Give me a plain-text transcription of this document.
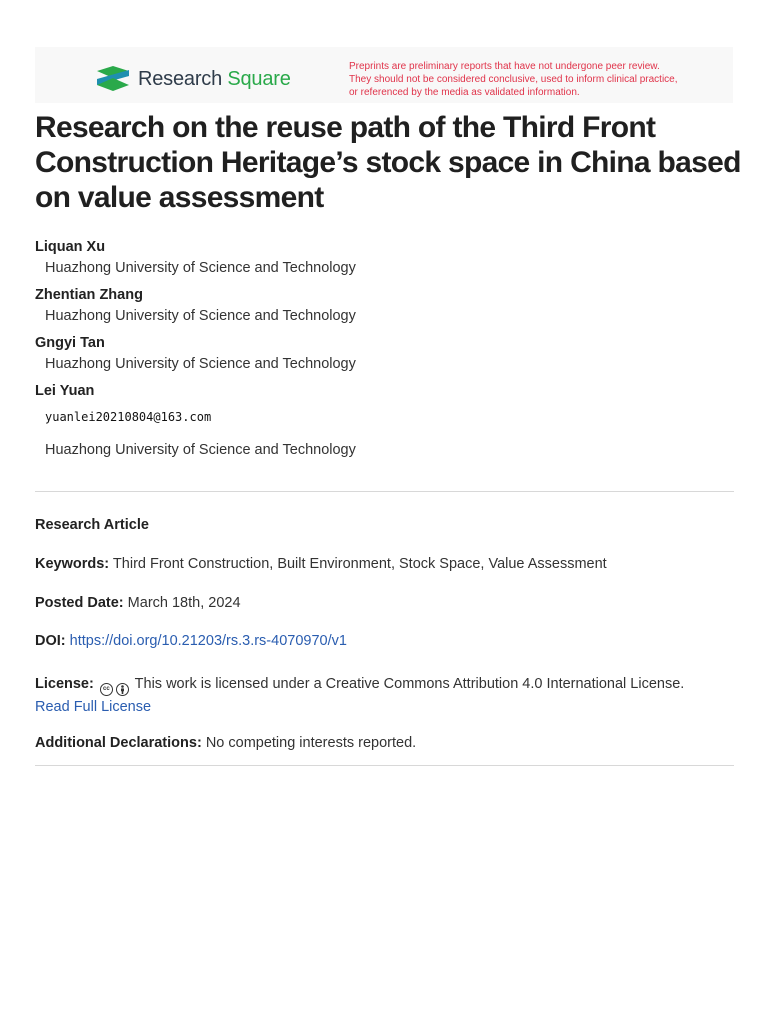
Research Square
Preprints are preliminary reports that have not undergone peer review.
They should not be considered conclusive, used to inform clinical practice,
or referenced by the media as validated information.
Research on the reuse path of the Third Front Construction Heritage’s stock space in China based on value assessment
Liquan Xu
Huazhong University of Science and Technology
Zhentian Zhang
Huazhong University of Science and Technology
Gngyi Tan
Huazhong University of Science and Technology
Lei Yuan
yuanlei20210804@163.com
Huazhong University of Science and Technology
Research Article
Keywords: Third Front Construction, Built Environment, Stock Space, Value Assessment
Posted Date: March 18th, 2024
DOI: https://doi.org/10.21203/rs.3.rs-4070970/v1
License:	cc This work is licensed under a Creative Commons Attribution 4.0 International License.
Read Full License
Additional Declarations: No competing interests reported.
